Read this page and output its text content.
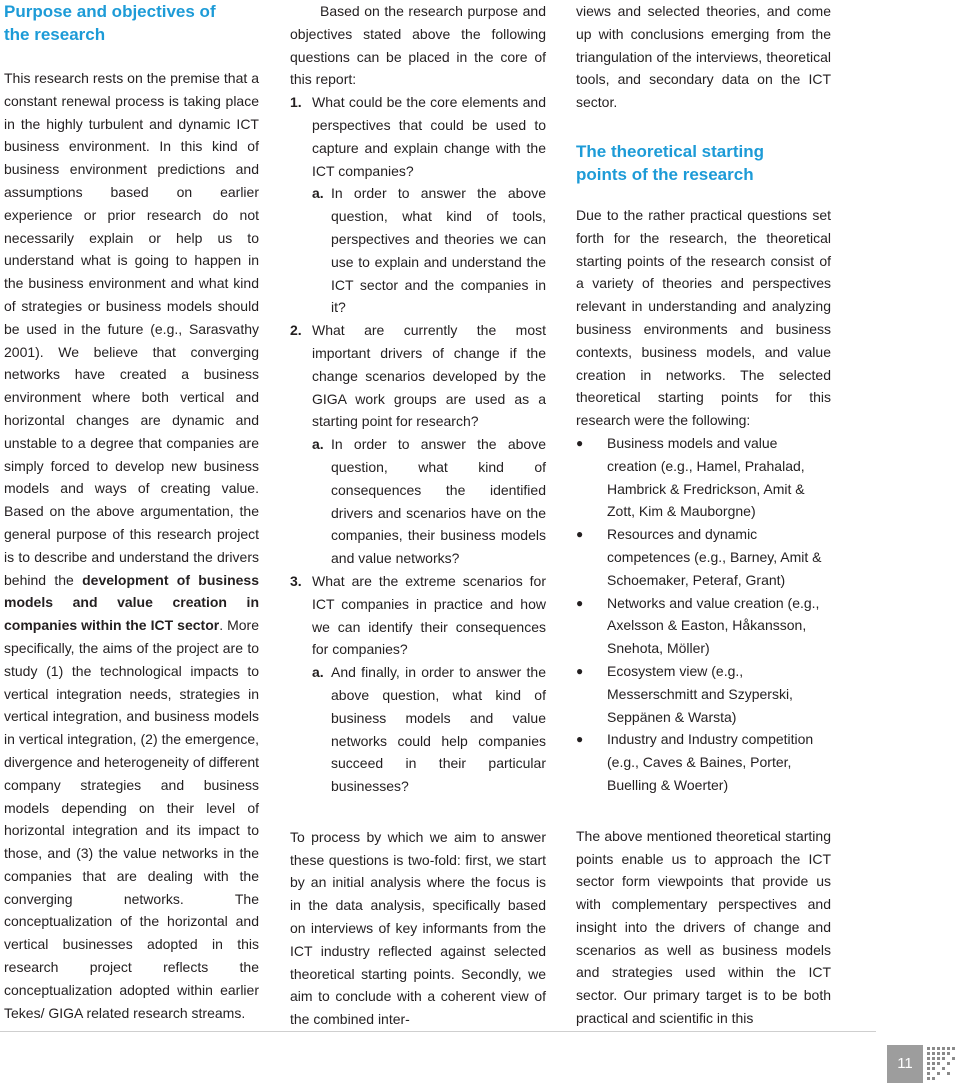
Purpose and objectives of the research

This research rests on the premise that a constant renewal process is taking place in the highly turbulent and dynamic ICT business environment. In this kind of business environment predictions and assumptions based on earlier experience or prior research do not necessarily explain or help us to understand what is going to happen in the business environment and what kind of strategies or business models should be used in the future (e.g., Sarasvathy 2001). We believe that converging networks have created a business environment where both vertical and horizontal changes are dynamic and unstable to a degree that companies are simply forced to develop new business models and ways of creating value. Based on the above argumentation, the general purpose of this research project is to describe and understand the drivers behind the development of business models and value creation in companies within the ICT sector. More specifically, the aims of the project are to study (1) the technological impacts to vertical integration needs, strategies in vertical integration, and business models in vertical integration, (2) the emergence, divergence and heterogeneity of different company strategies and business models depending on their level of horizontal integration and its impact to those, and (3) the value networks in the companies that are dealing with the converging networks. The conceptualization of the horizontal and vertical businesses adopted in this research project reflects the conceptualization adopted within earlier Tekes/ GIGA related research streams.

Based on the research purpose and objectives stated above the following questions can be placed in the core of this report:

1. What could be the core elements and perspectives that could be used to capture and explain change with the ICT companies?
a. In order to answer the above question, what kind of tools, perspectives and theories we can use to explain and understand the ICT sector and the companies in it?
2. What are currently the most important drivers of change if the change scenarios developed by the GIGA work groups are used as a starting point for research?
a. In order to answer the above question, what kind of consequences the identified drivers and scenarios have on the companies, their business models and value networks?
3. What are the extreme scenarios for ICT companies in practice and how we can identify their consequences for companies?
a. And finally, in order to answer the above question, what kind of business models and value networks could help companies succeed in their particular businesses?

To process by which we aim to answer these questions is two-fold: first, we start by an initial analysis where the focus is in the data analysis, specifically based on interviews of key informants from the ICT industry reflected against selected theoretical starting points. Secondly, we aim to conclude with a coherent view of the combined inter-

views and selected theories, and come up with conclusions emerging from the triangulation of the interviews, theoretical tools, and secondary data on the ICT sector.

The theoretical starting points of the research

Due to the rather practical questions set forth for the research, the theoretical starting points of the research consist of a variety of theories and perspectives relevant in understanding and analyzing business environments and business contexts, business models, and value creation in networks. The selected theoretical starting points for this research were the following:

● Business models and value creation (e.g., Hamel, Prahalad, Hambrick & Fredrickson, Amit & Zott, Kim & Mauborgne)
● Resources and dynamic competences (e.g., Barney, Amit & Schoemaker, Peteraf, Grant)
● Networks and value creation (e.g., Axelsson & Easton, Håkansson, Snehota, Möller)
● Ecosystem view (e.g., Messerschmitt and Szyperski, Seppänen & Warsta)
● Industry and Industry competition (e.g., Caves & Baines, Porter, Buelling & Woerter)

The above mentioned theoretical starting points enable us to approach the ICT sector form viewpoints that provide us with complementary perspectives and insight into the drivers of change and scenarios as well as business models and strategies used within the ICT sector. Our primary target is to be both practical and scientific in this

11
